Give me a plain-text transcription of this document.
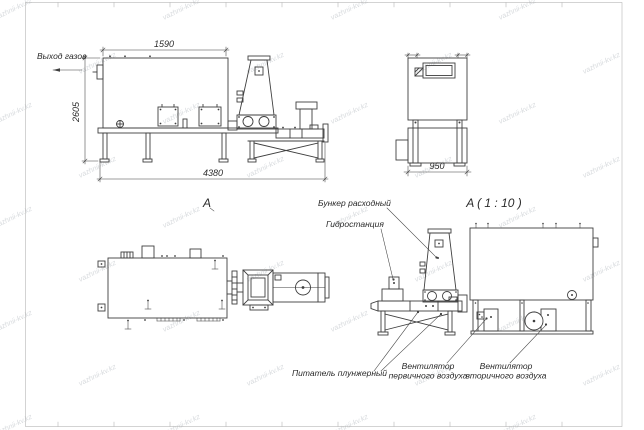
1590
2605
4380
950
A	A ( 1 : 10 )
Выход газов
Бункер расходный
Гидростанция
Питатель плунжерный
Вентилятор
первичного воздуха
Вентилятор
вторичного воздуха
